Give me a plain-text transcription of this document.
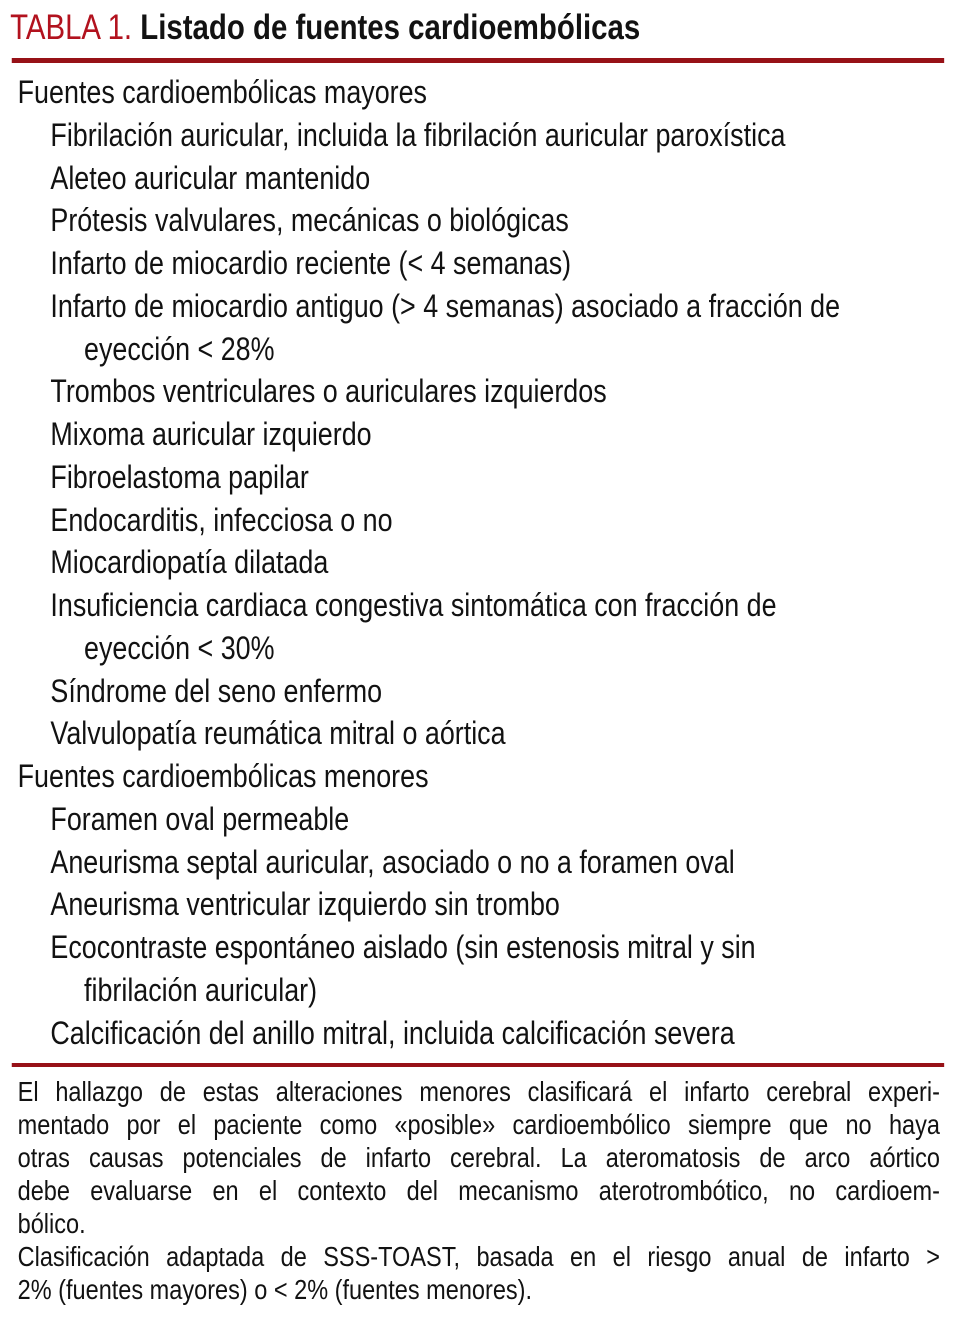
TABLA 1. Listado de fuentes cardioembólicas
Fuentes cardioembólicas mayores
Fibrilación auricular, incluida la fibrilación auricular paroxística
Aleteo auricular mantenido
Prótesis valvulares, mecánicas o biológicas
Infarto de miocardio reciente (< 4 semanas)
Infarto de miocardio antiguo (> 4 semanas) asociado a fracción de
eyección < 28%
Trombos ventriculares o auriculares izquierdos
Mixoma auricular izquierdo
Fibroelastoma papilar
Endocarditis, infecciosa o no
Miocardiopatía dilatada
Insuficiencia cardiaca congestiva sintomática con fracción de
eyección < 30%
Síndrome del seno enfermo
Valvulopatía reumática mitral o aórtica
Fuentes cardioembólicas menores
Foramen oval permeable
Aneurisma septal auricular, asociado o no a foramen oval
Aneurisma ventricular izquierdo sin trombo
Ecocontraste espontáneo aislado (sin estenosis mitral y sin
fibrilación auricular)
Calcificación del anillo mitral, incluida calcificación severa
El hallazgo de estas alteraciones menores clasificará el infarto cerebral experi-
mentado por el paciente como «posible» cardioembólico siempre que no haya
otras causas potenciales de infarto cerebral. La ateromatosis de arco aórtico
debe evaluarse en el contexto del mecanismo aterotrombótico, no cardioem-
bólico.
Clasificación adaptada de SSS-TOAST, basada en el riesgo anual de infarto >
2% (fuentes mayores) o < 2% (fuentes menores).
